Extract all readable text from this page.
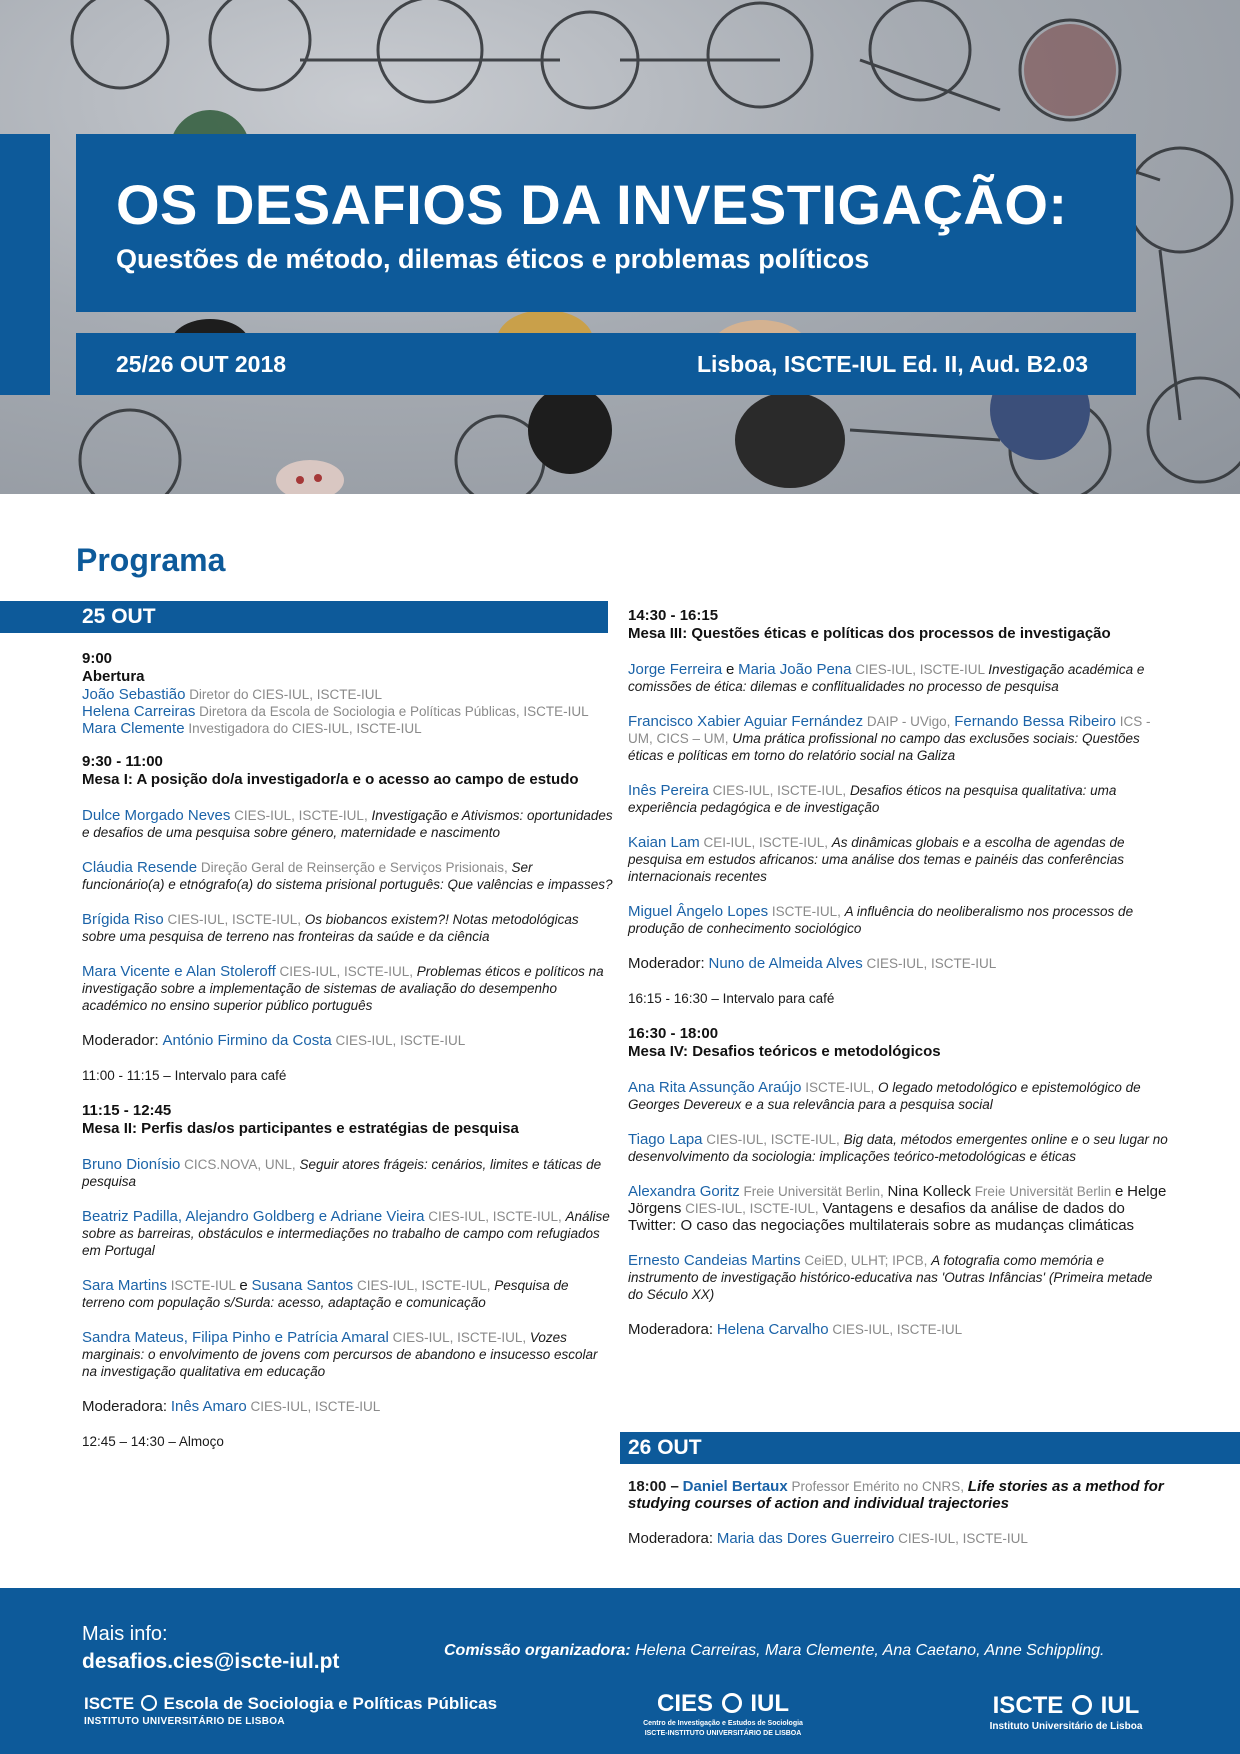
OS DESAFIOS DA INVESTIGAÇÃO:
Questões de método, dilemas éticos e problemas políticos
25/26 OUT 2018	Lisboa, ISCTE-IUL Ed. II, Aud. B2.03
Programa
25 OUT
9:00
Abertura
João Sebastião Diretor do CIES-IUL, ISCTE-IUL
Helena Carreiras Diretora da Escola de Sociologia e Políticas Públicas, ISCTE-IUL
Mara Clemente Investigadora do CIES-IUL, ISCTE-IUL
9:30 - 11:00
Mesa I: A posição do/a investigador/a e o acesso ao campo de estudo
Dulce Morgado Neves CIES-IUL, ISCTE-IUL, Investigação e Ativismos: oportunidades e desafios de uma pesquisa sobre género, maternidade e nascimento
Cláudia Resende Direção Geral de Reinserção e Serviços Prisionais, Ser funcionário(a) e etnógrafo(a) do sistema prisional português: Que valências e impasses?
Brígida Riso CIES-IUL, ISCTE-IUL, Os biobancos existem?! Notas metodológicas sobre uma pesquisa de terreno nas fronteiras da saúde e da ciência
Mara Vicente e Alan Stoleroff CIES-IUL, ISCTE-IUL, Problemas éticos e políticos na investigação sobre a implementação de sistemas de avaliação do desempenho académico no ensino superior público português
Moderador: António Firmino da Costa CIES-IUL, ISCTE-IUL
11:00 - 11:15 – Intervalo para café
11:15 - 12:45
Mesa II: Perfis das/os participantes e estratégias de pesquisa
Bruno Dionísio CICS.NOVA, UNL, Seguir atores frágeis: cenários, limites e táticas de pesquisa
Beatriz Padilla, Alejandro Goldberg e Adriane Vieira CIES-IUL, ISCTE-IUL, Análise sobre as barreiras, obstáculos e intermediações no trabalho de campo com refugiados em Portugal
Sara Martins ISCTE-IUL e Susana Santos CIES-IUL, ISCTE-IUL, Pesquisa de terreno com população s/Surda: acesso, adaptação e comunicação
Sandra Mateus, Filipa Pinho e Patrícia Amaral CIES-IUL, ISCTE-IUL, Vozes marginais: o envolvimento de jovens com percursos de abandono e insucesso escolar na investigação qualitativa em educação
Moderadora: Inês Amaro CIES-IUL, ISCTE-IUL
12:45 – 14:30 – Almoço
14:30 - 16:15
Mesa III: Questões éticas e políticas dos processos de investigação
Jorge Ferreira e Maria João Pena CIES-IUL, ISCTE-IUL Investigação académica e comissões de ética: dilemas e conflitualidades no processo de pesquisa
Francisco Xabier Aguiar Fernández DAIP - UVigo, Fernando Bessa Ribeiro ICS - UM, CICS – UM, Uma prática profissional no campo das exclusões sociais: Questões éticas e políticas em torno do relatório social na Galiza
Inês Pereira CIES-IUL, ISCTE-IUL, Desafios éticos na pesquisa qualitativa: uma experiência pedagógica e de investigação
Kaian Lam CEI-IUL, ISCTE-IUL, As dinâmicas globais e a escolha de agendas de pesquisa em estudos africanos: uma análise dos temas e painéis das conferências internacionais recentes
Miguel Ângelo Lopes ISCTE-IUL, A influência do neoliberalismo nos processos de produção de conhecimento sociológico
Moderador: Nuno de Almeida Alves CIES-IUL, ISCTE-IUL
16:15 - 16:30 – Intervalo para café
16:30 - 18:00
Mesa IV: Desafios teóricos e metodológicos
Ana Rita Assunção Araújo ISCTE-IUL, O legado metodológico e epistemológico de Georges Devereux e a sua relevância para a pesquisa social
Tiago Lapa CIES-IUL, ISCTE-IUL, Big data, métodos emergentes online e o seu lugar no desenvolvimento da sociologia: implicações teórico-metodológicas e éticas
Alexandra Goritz Freie Universität Berlin, Nina Kolleck Freie Universität Berlin e Helge Jörgens CIES-IUL, ISCTE-IUL, Vantagens e desafios da análise de dados do Twitter: O caso das negociações multilaterais sobre as mudanças climáticas
Ernesto Candeias Martins CeiED, ULHT; IPCB, A fotografia como memória e instrumento de investigação histórico-educativa nas 'Outras Infâncias' (Primeira metade do Século XX)
Moderadora: Helena Carvalho CIES-IUL, ISCTE-IUL
26 OUT
18:00 – Daniel Bertaux Professor Emérito no CNRS, Life stories as a method for studying courses of action and individual trajectories
Moderadora: Maria das Dores Guerreiro CIES-IUL, ISCTE-IUL
Mais info:
desafios.cies@iscte-iul.pt	Comissão organizadora: Helena Carreiras, Mara Clemente, Ana Caetano, Anne Schippling.
ISCTE Escola de Sociologia e Políticas Públicas
INSTITUTO UNIVERSITÁRIO DE LISBOA
CIES IUL
Centro de Investigação e Estudos de Sociologia
ISCTE-INSTITUTO UNIVERSITÁRIO DE LISBOA
ISCTE IUL
Instituto Universitário de Lisboa
